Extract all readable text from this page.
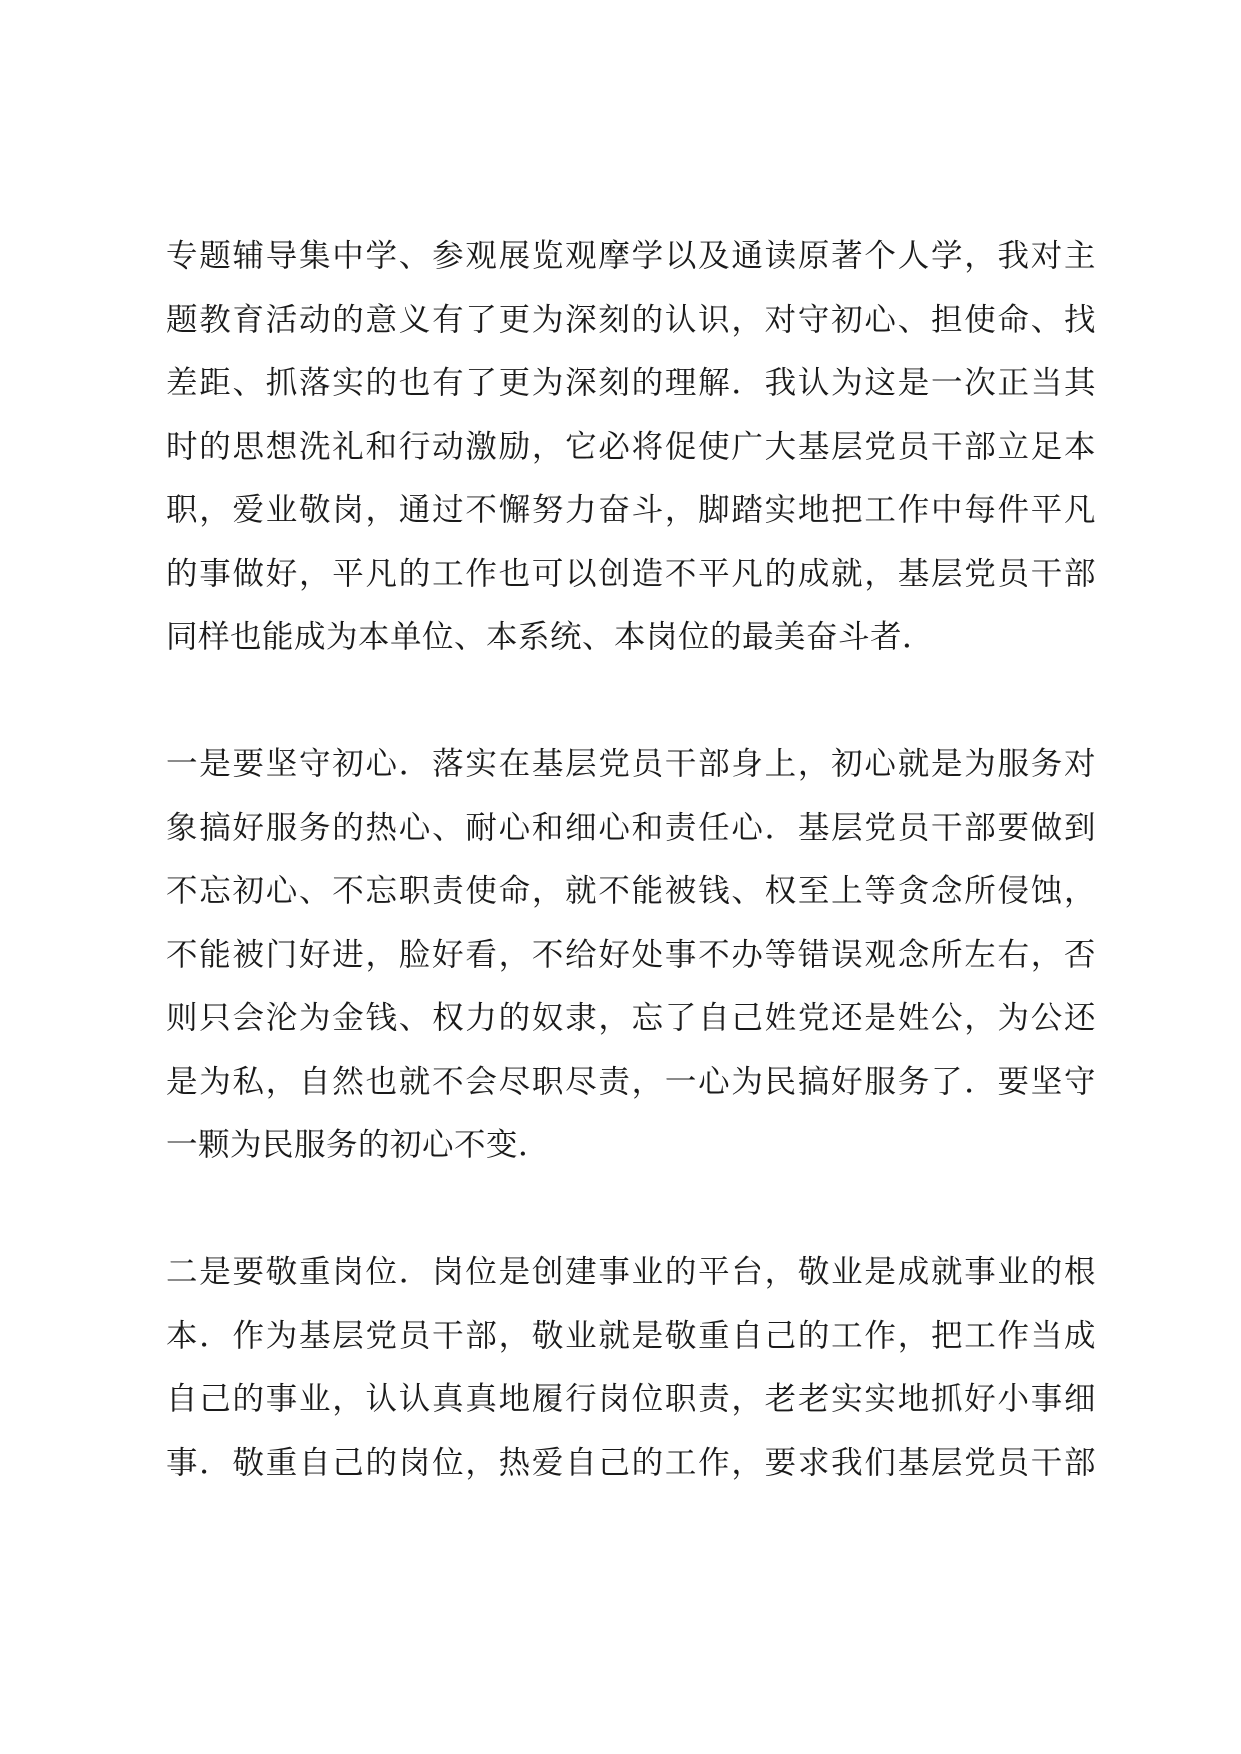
专题辅导集中学、参观展览观摩学以及通读原著个人学，我对主
题教育活动的意义有了更为深刻的认识，对守初心、担使命、找
差距、抓落实的也有了更为深刻的理解．我认为这是一次正当其
时的思想洗礼和行动激励，它必将促使广大基层党员干部立足本
职，爱业敬岗，通过不懈努力奋斗，脚踏实地把工作中每件平凡
的事做好，平凡的工作也可以创造不平凡的成就，基层党员干部
同样也能成为本单位、本系统、本岗位的最美奋斗者．
一是要坚守初心．落实在基层党员干部身上，初心就是为服务对
象搞好服务的热心、耐心和细心和责任心．基层党员干部要做到
不忘初心、不忘职责使命，就不能被钱、权至上等贪念所侵蚀，
不能被门好进，脸好看，不给好处事不办等错误观念所左右，否
则只会沦为金钱、权力的奴隶，忘了自己姓党还是姓公，为公还
是为私，自然也就不会尽职尽责，一心为民搞好服务了．要坚守
一颗为民服务的初心不变．
二是要敬重岗位．岗位是创建事业的平台，敬业是成就事业的根
本．作为基层党员干部，敬业就是敬重自己的工作，把工作当成
自己的事业，认认真真地履行岗位职责，老老实实地抓好小事细
事．敬重自己的岗位，热爱自己的工作，要求我们基层党员干部
